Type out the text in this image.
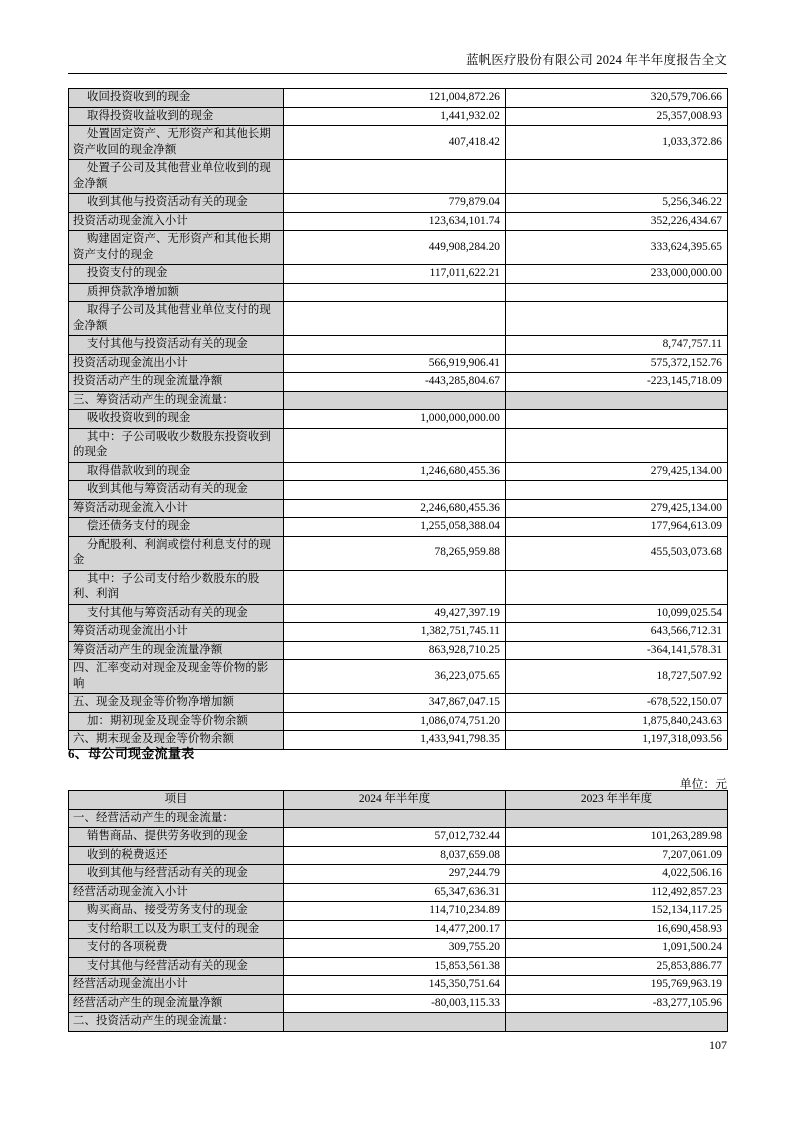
蓝帆医疗股份有限公司 2024 年半年度报告全文
收回投资收到的现金	121,004,872.26	320,579,706.66
取得投资收益收到的现金	1,441,932.02	25,357,008.93
处置固定资产、无形资产和其他长期资产收回的现金净额	407,418.42	1,033,372.86
处置子公司及其他营业单位收到的现金净额		
收到其他与投资活动有关的现金	779,879.04	5,256,346.22
投资活动现金流入小计	123,634,101.74	352,226,434.67
购建固定资产、无形资产和其他长期资产支付的现金	449,908,284.20	333,624,395.65
投资支付的现金	117,011,622.21	233,000,000.00
质押贷款净增加额		
取得子公司及其他营业单位支付的现金净额		
支付其他与投资活动有关的现金		8,747,757.11
投资活动现金流出小计	566,919,906.41	575,372,152.76
投资活动产生的现金流量净额	-443,285,804.67	-223,145,718.09
三、筹资活动产生的现金流量：		
吸收投资收到的现金	1,000,000,000.00	
其中：子公司吸收少数股东投资收到的现金		
取得借款收到的现金	1,246,680,455.36	279,425,134.00
收到其他与筹资活动有关的现金		
筹资活动现金流入小计	2,246,680,455.36	279,425,134.00
偿还债务支付的现金	1,255,058,388.04	177,964,613.09
分配股利、利润或偿付利息支付的现金	78,265,959.88	455,503,073.68
其中：子公司支付给少数股东的股利、利润		
支付其他与筹资活动有关的现金	49,427,397.19	10,099,025.54
筹资活动现金流出小计	1,382,751,745.11	643,566,712.31
筹资活动产生的现金流量净额	863,928,710.25	-364,141,578.31
四、汇率变动对现金及现金等价物的影响	36,223,075.65	18,727,507.92
五、现金及现金等价物净增加额	347,867,047.15	-678,522,150.07
加：期初现金及现金等价物余额	1,086,074,751.20	1,875,840,243.63
六、期末现金及现金等价物余额	1,433,941,798.35	1,197,318,093.56
6、母公司现金流量表
单位：元
项目	2024 年半年度	2023 年半年度
一、经营活动产生的现金流量：		
销售商品、提供劳务收到的现金	57,012,732.44	101,263,289.98
收到的税费返还	8,037,659.08	7,207,061.09
收到其他与经营活动有关的现金	297,244.79	4,022,506.16
经营活动现金流入小计	65,347,636.31	112,492,857.23
购买商品、接受劳务支付的现金	114,710,234.89	152,134,117.25
支付给职工以及为职工支付的现金	14,477,200.17	16,690,458.93
支付的各项税费	309,755.20	1,091,500.24
支付其他与经营活动有关的现金	15,853,561.38	25,853,886.77
经营活动现金流出小计	145,350,751.64	195,769,963.19
经营活动产生的现金流量净额	-80,003,115.33	-83,277,105.96
二、投资活动产生的现金流量：		
107
